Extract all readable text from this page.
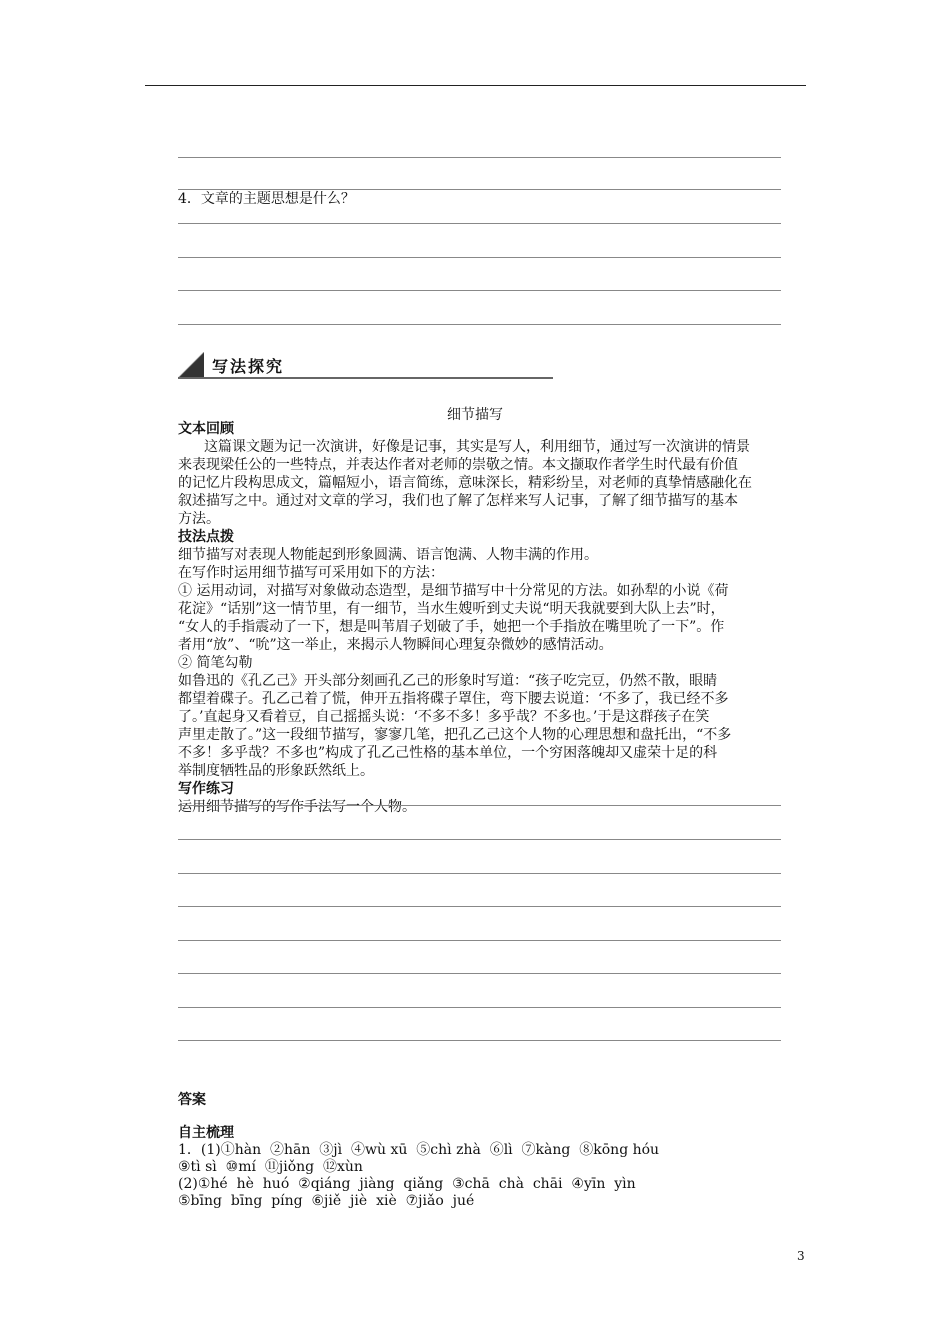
4．文章的主题思想是什么？
写法探究
细节描写

文本回顾

这篇课文题为记一次演讲，好像是记事，其实是写人，利用细节，通过写一次演讲的情景

来表现梁任公的一些特点，并表达作者对老师的崇敬之情。本文撷取作者学生时代最有价值

的记忆片段构思成文，篇幅短小，语言简练，意味深长，精彩纷呈，对老师的真挚情感融化在

叙述描写之中。通过对文章的学习，我们也了解了怎样来写人记事，了解了细节描写的基本

方法。

技法点拨

细节描写对表现人物能起到形象圆满、语言饱满、人物丰满的作用。

在写作时运用细节描写可采用如下的方法：

① 运用动词，对描写对象做动态造型，是细节描写中十分常见的方法。如孙犁的小说《荷

花淀》“话别”这一情节里，有一细节，当水生嫂听到丈夫说“明天我就要到大队上去”时，

“女人的手指震动了一下，想是叫苇眉子划破了手，她把一个手指放在嘴里吮了一下”。作

者用“放”、“吮”这一举止，来揭示人物瞬间心理复杂微妙的感情活动。

② 简笔勾勒

如鲁迅的《孔乙己》开头部分刻画孔乙己的形象时写道：“孩子吃完豆，仍然不散，眼睛

都望着碟子。孔乙己着了慌，伸开五指将碟子罩住，弯下腰去说道：‘不多了，我已经不多

了。’直起身又看着豆，自己摇摇头说：‘不多不多！多乎哉？不多也。’于是这群孩子在笑

声里走散了。”这一段细节描写，寥寥几笔，把孔乙己这个人物的心理思想和盘托出，“不多

不多！多乎哉？不多也”构成了孔乙己性格的基本单位，一个穷困落魄却又虚荣十足的科

举制度牺牲品的形象跃然纸上。

写作练习

运用细节描写的写作手法写一个人物。

答案

自主梳理

1．(1)①hàn  ②hān  ③jì  ④wù xū  ⑤chì zhà  ⑥lì  ⑦kàng  ⑧kōng hóu
⑨tì sì  ⑩mí  ⑪jiǒng  ⑫xùn
(2)①hé  hè  huó  ②qiáng  jiàng  qiǎng  ③chā  chà  chāi  ④yīn  yìn
⑤bīng  bīng  píng  ⑥jiě  jiè  xiè  ⑦jiǎo  jué
3
